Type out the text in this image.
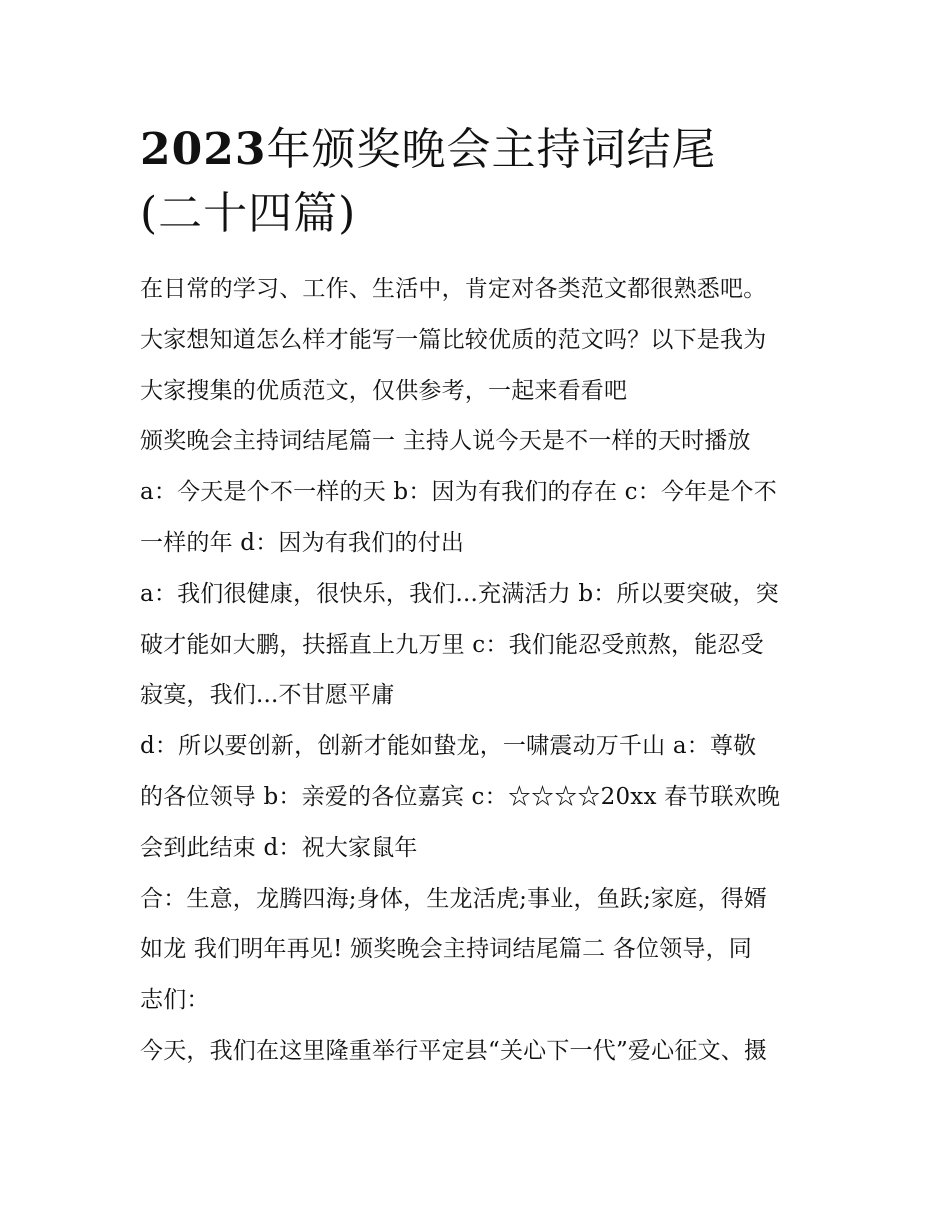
2023年颁奖晚会主持词结尾
(二十四篇)
在日常的学习、工作、生活中，肯定对各类范文都很熟悉吧。
大家想知道怎么样才能写一篇比较优质的范文吗？以下是我为
大家搜集的优质范文，仅供参考，一起来看看吧
颁奖晚会主持词结尾篇一 主持人说今天是不一样的天时播放
a：今天是个不一样的天 b：因为有我们的存在 c：今年是个不
一样的年 d：因为有我们的付出
a：我们很健康，很快乐，我们...充满活力 b：所以要突破，突
破才能如大鹏，扶摇直上九万里 c：我们能忍受煎熬，能忍受
寂寞，我们...不甘愿平庸
d：所以要创新，创新才能如蛰龙，一啸震动万千山 a：尊敬
的各位领导 b：亲爱的各位嘉宾 c：☆☆☆☆20xx 春节联欢晚
会到此结束 d：祝大家鼠年
合：生意，龙腾四海;身体，生龙活虎;事业，鱼跃;家庭，得婿
如龙 我们明年再见! 颁奖晚会主持词结尾篇二 各位领导，同
志们：
今天，我们在这里隆重举行平定县“关心下一代”爱心征文、摄
